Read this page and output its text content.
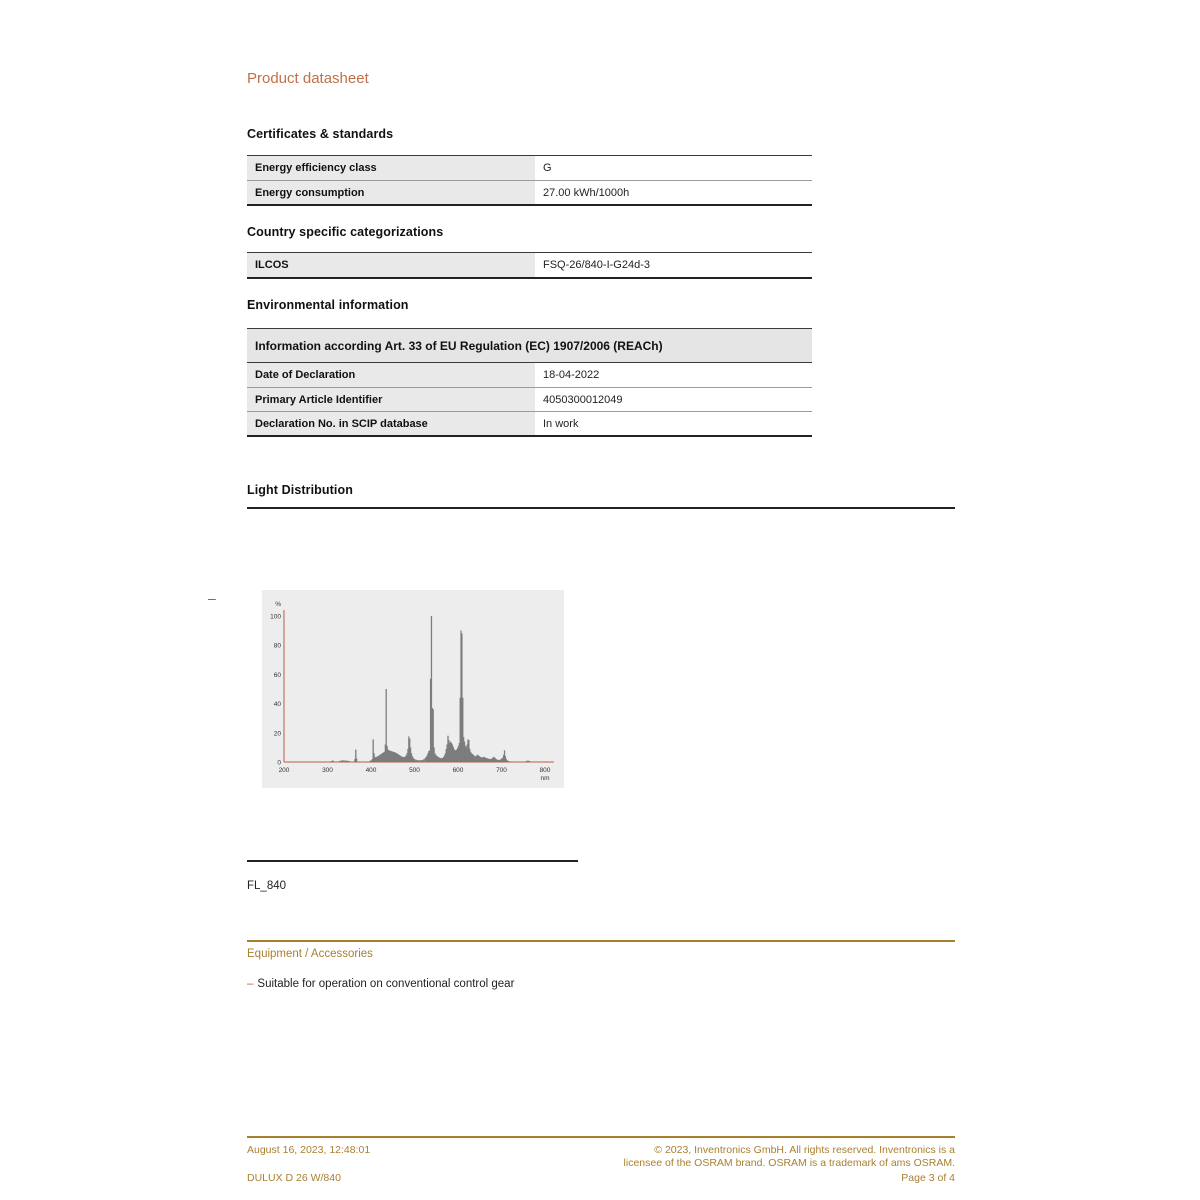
Product datasheet
Certificates & standards
Energy efficiency class	G
Energy consumption	27.00 kWh/1000h
Country specific categorizations
ILCOS	FSQ-26/840-I-G24d-3
Environmental information
Information according Art. 33 of EU Regulation (EC) 1907/2006 (REACh)
Date of Declaration	18-04-2022
Primary Article Identifier	4050300012049
Declaration No. in SCIP database	In work
Light Distribution
–
0
20
40
60
80
100
%
200	300	400	500	600	700	800
nm
FL_840
Equipment / Accessories
– Suitable for operation on conventional control gear
August 16, 2023, 12:48:01	© 2023, Inventronics GmbH. All rights reserved. Inventronics is a
licensee of the OSRAM brand. OSRAM is a trademark of ams OSRAM.
DULUX D 26 W/840	Page 3 of 4
